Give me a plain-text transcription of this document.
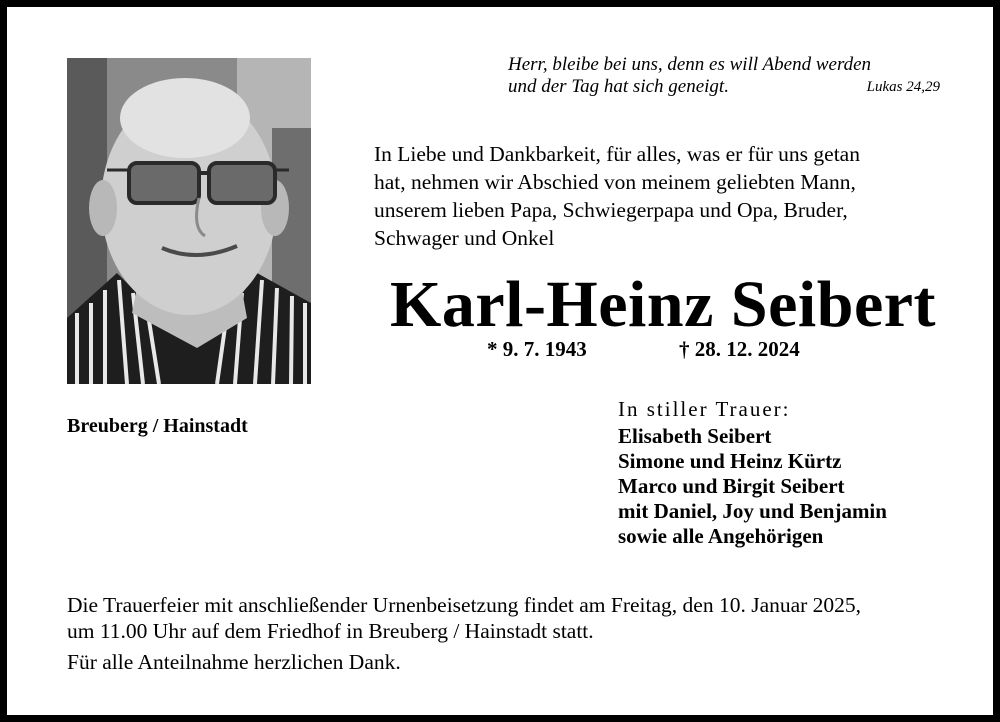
Herr, bleibe bei uns, denn es will Abend werden
und der Tag hat sich geneigt.	Lukas 24,29
In Liebe und Dankbarkeit, für alles, was er für uns getan
hat, nehmen wir Abschied von meinem geliebten Mann,
unserem lieben Papa, Schwiegerpapa und Opa, Bruder,
Schwager und Onkel
Karl-Heinz Seibert
* 9. 7. 1943	† 28. 12. 2024
Breuberg / Hainstadt
In stiller Trauer:
Elisabeth Seibert
Simone und Heinz Kürtz
Marco und Birgit Seibert
mit Daniel, Joy und Benjamin
sowie alle Angehörigen
Die Trauerfeier mit anschließender Urnenbeisetzung findet am Freitag, den 10. Januar 2025,
um 11.00 Uhr auf dem Friedhof in Breuberg / Hainstadt statt.
Für alle Anteilnahme herzlichen Dank.
